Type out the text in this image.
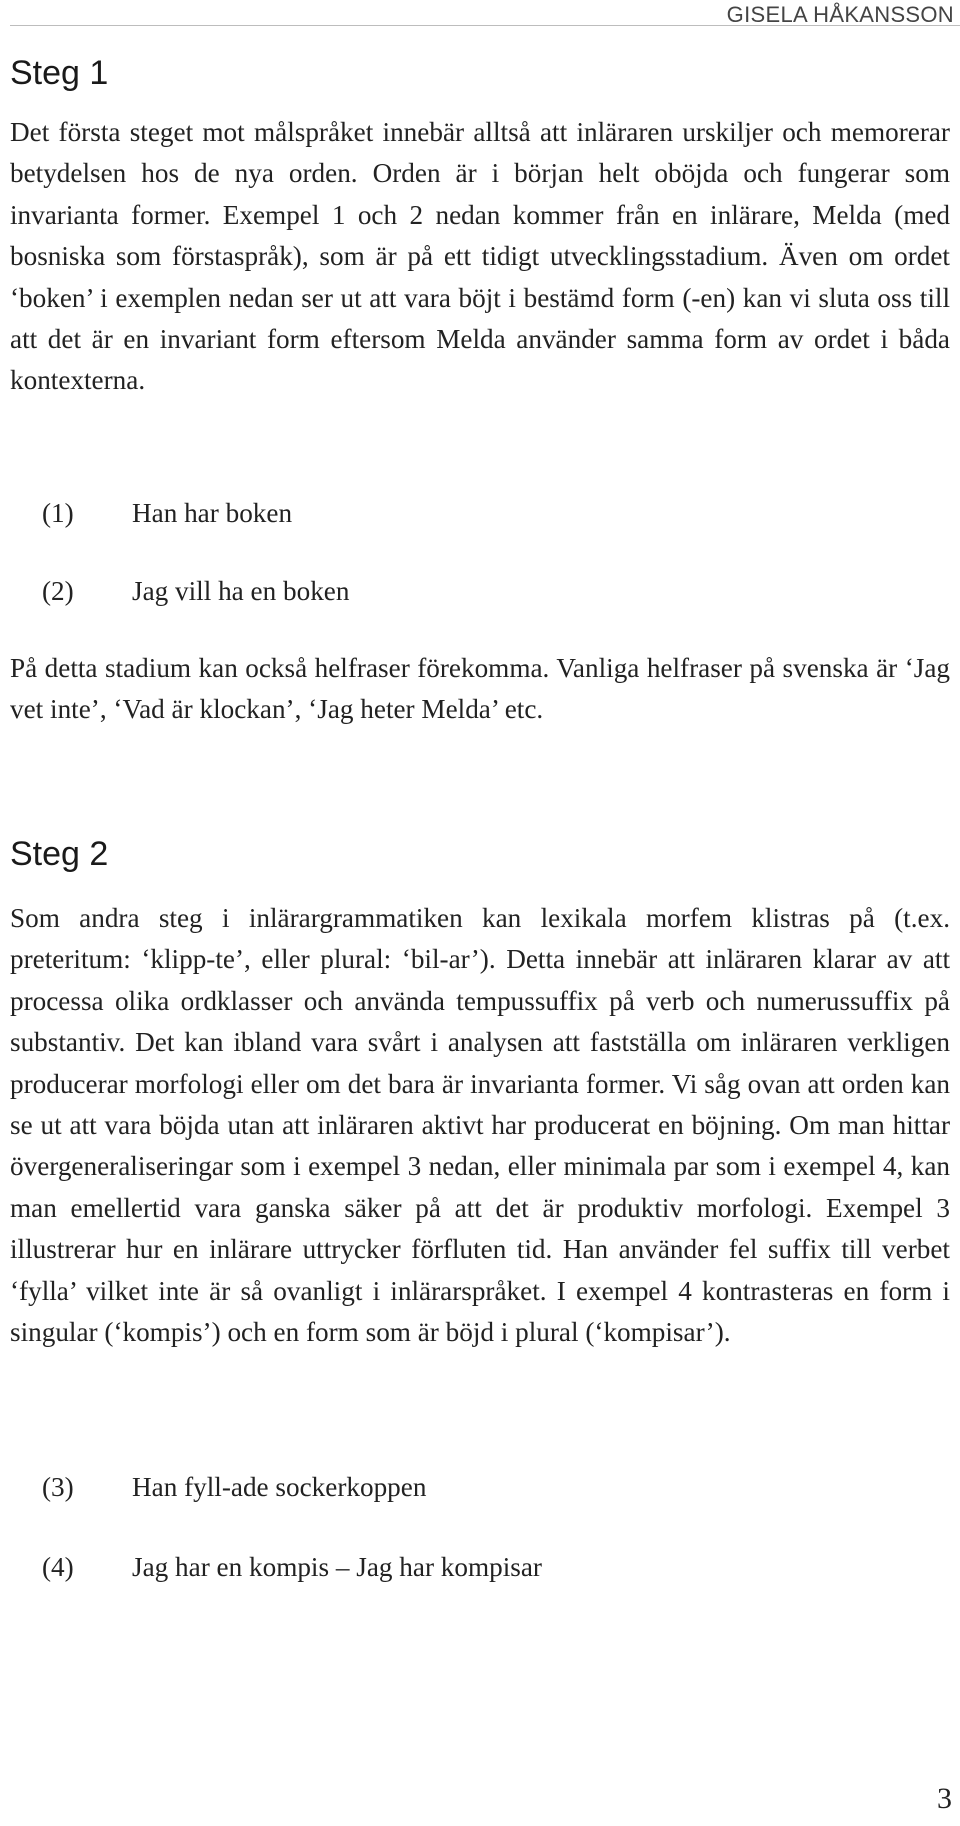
GISELA HÅKANSSON
Steg 1

Det första steget mot målspråket innebär alltså att inläraren urskiljer och memorerar betydelsen hos de nya orden. Orden är i början helt oböjda och fungerar som invarianta former. Exempel 1 och 2 nedan kommer från en inlärare, Melda (med bosniska som förstaspråk), som är på ett tidigt utvecklingsstadium. Även om ordet ‘boken’ i exemplen nedan ser ut att vara böjt i bestämd form (-en) kan vi sluta oss till att det är en invariant form eftersom Melda använder samma form av ordet i båda kontexterna.

(1) Han har boken
(2) Jag vill ha en boken

På detta stadium kan också helfraser förekomma. Vanliga helfraser på svenska är ‘Jag vet inte’, ‘Vad är klockan’, ‘Jag heter Melda’ etc.

Steg 2

Som andra steg i inlärargrammatiken kan lexikala morfem klistras på (t.ex. preteritum: ‘klipp-te’, eller plural: ‘bil-ar’). Detta innebär att inläraren klarar av att processa olika ordklasser och använda tempussuffix på verb och numerussuffix på substantiv. Det kan ibland vara svårt i analysen att fastställa om inläraren verkligen producerar morfologi eller om det bara är invarianta former. Vi såg ovan att orden kan se ut att vara böjda utan att inläraren aktivt har producerat en böjning. Om man hittar övergeneraliseringar som i exempel 3 nedan, eller minimala par som i exempel 4, kan man emellertid vara ganska säker på att det är produktiv morfologi. Exempel 3 illustrerar hur en inlärare uttrycker förfluten tid. Han använder fel suffix till verbet ‘fylla’ vilket inte är så ovanligt i inlärarspråket. I exempel 4 kontrasteras en form i singular (‘kompis’) och en form som är böjd i plural (‘kompisar’).

(3) Han fyll-ade sockerkoppen
(4) Jag har en kompis – Jag har kompisar
3
